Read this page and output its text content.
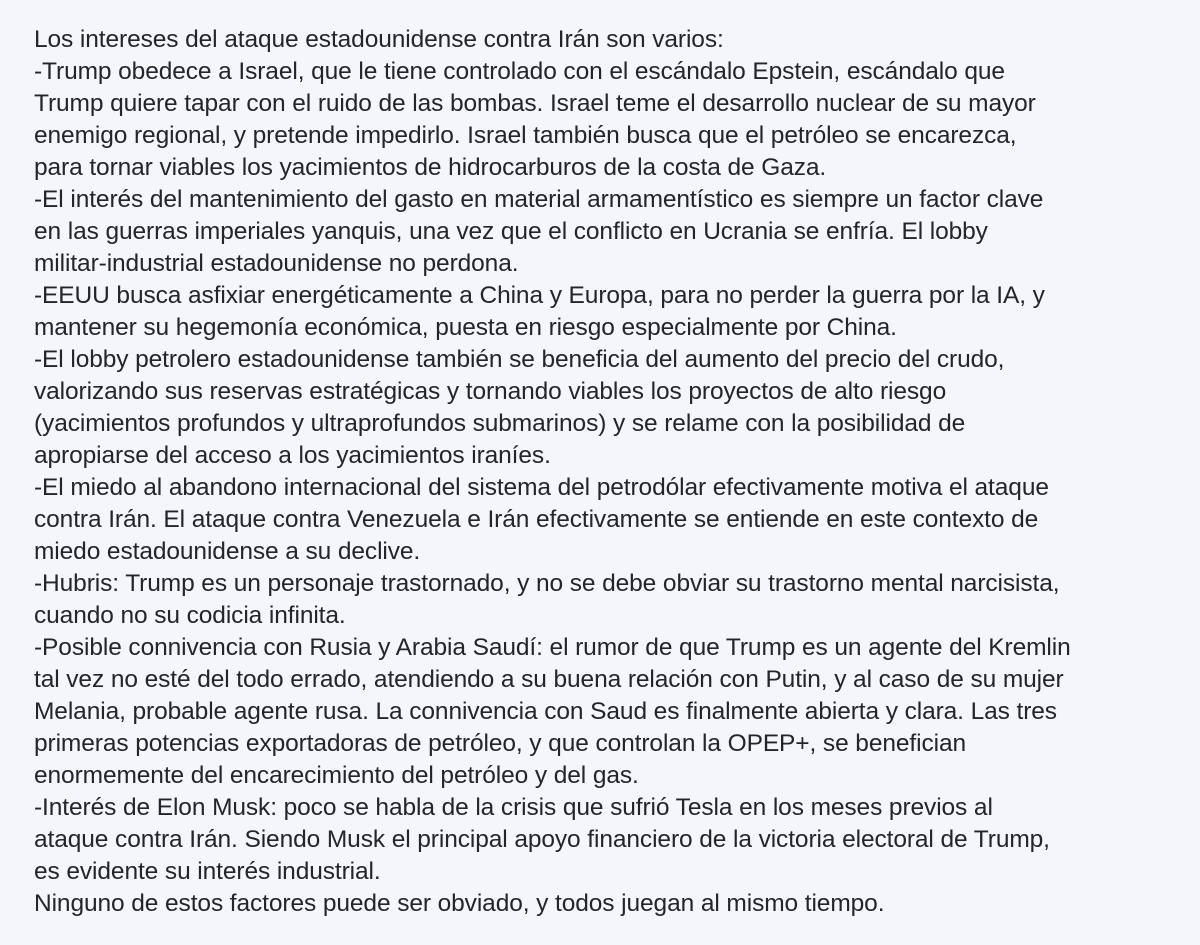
Los intereses del ataque estadounidense contra Irán son varios:
-Trump obedece a Israel, que le tiene controlado con el escándalo Epstein, escándalo que
Trump quiere tapar con el ruido de las bombas. Israel teme el desarrollo nuclear de su mayor
enemigo regional, y pretende impedirlo. Israel también busca que el petróleo se encarezca,
para tornar viables los yacimientos de hidrocarburos de la costa de Gaza.
-El interés del mantenimiento del gasto en material armamentístico es siempre un factor clave
en las guerras imperiales yanquis, una vez que el conflicto en Ucrania se enfría. El lobby
militar-industrial estadounidense no perdona.
-EEUU busca asfixiar energéticamente a China y Europa, para no perder la guerra por la IA, y
mantener su hegemonía económica, puesta en riesgo especialmente por China.
-El lobby petrolero estadounidense también se beneficia del aumento del precio del crudo,
valorizando sus reservas estratégicas y tornando viables los proyectos de alto riesgo
(yacimientos profundos y ultraprofundos submarinos) y se relame con la posibilidad de
apropiarse del acceso a los yacimientos iraníes.
-El miedo al abandono internacional del sistema del petrodólar efectivamente motiva el ataque
contra Irán. El ataque contra Venezuela e Irán efectivamente se entiende en este contexto de
miedo estadounidense a su declive.
-Hubris: Trump es un personaje trastornado, y no se debe obviar su trastorno mental narcisista,
cuando no su codicia infinita.
-Posible connivencia con Rusia y Arabia Saudí: el rumor de que Trump es un agente del Kremlin
tal vez no esté del todo errado, atendiendo a su buena relación con Putin, y al caso de su mujer
Melania, probable agente rusa. La connivencia con Saud es finalmente abierta y clara. Las tres
primeras potencias exportadoras de petróleo, y que controlan la OPEP+, se benefician
enormemente del encarecimiento del petróleo y del gas.
-Interés de Elon Musk: poco se habla de la crisis que sufrió Tesla en los meses previos al
ataque contra Irán. Siendo Musk el principal apoyo financiero de la victoria electoral de Trump,
es evidente su interés industrial.
Ninguno de estos factores puede ser obviado, y todos juegan al mismo tiempo.
